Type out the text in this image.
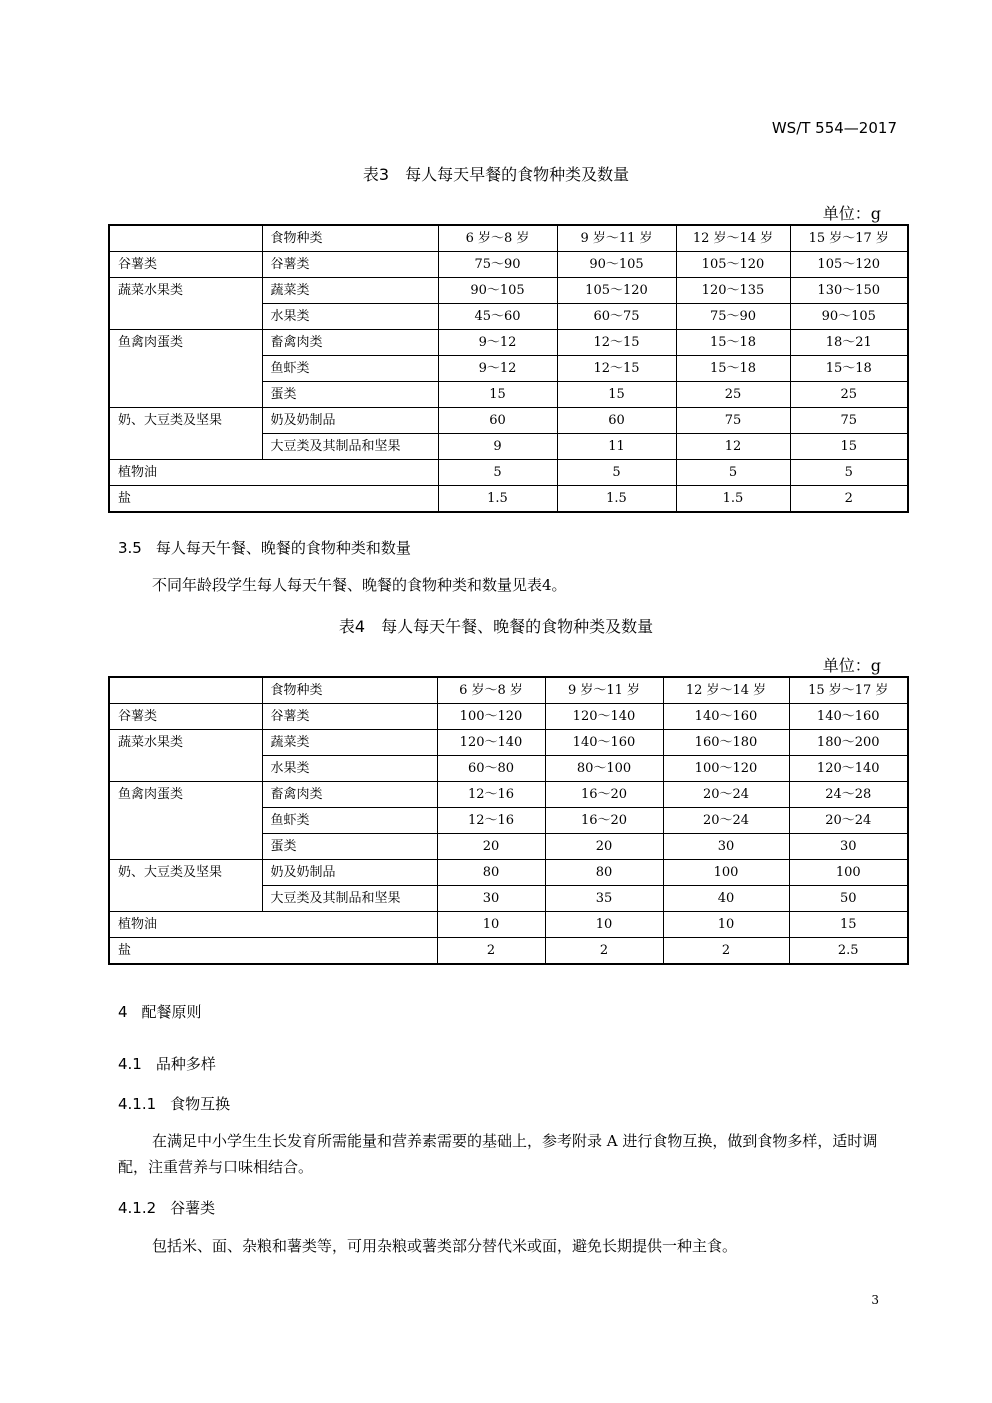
WS/T 554—2017
表3　每人每天早餐的食物种类及数量
单位：g
	食物种类	6 岁～8 岁	9 岁～11 岁	12 岁～14 岁	15 岁～17 岁
谷薯类	谷薯类	75～90	90～105	105～120	105～120
蔬菜水果类	蔬菜类	90～105	105～120	120～135	130～150
	水果类	45～60	60～75	75～90	90～105
鱼禽肉蛋类	畜禽肉类	9～12	12～15	15～18	18～21
	鱼虾类	9～12	12～15	15～18	15～18
	蛋类	15	15	25	25
奶、大豆类及坚果	奶及奶制品	60	60	75	75
	大豆类及其制品和坚果	9	11	12	15
植物油		5	5	5	5
盐		1.5	1.5	1.5	2
3.5 每人每天午餐、晚餐的食物种类和数量
不同年龄段学生每人每天午餐、晚餐的食物种类和数量见表4。
表4　每人每天午餐、晚餐的食物种类及数量
单位：g
	食物种类	6 岁～8 岁	9 岁～11 岁	12 岁～14 岁	15 岁～17 岁
谷薯类	谷薯类	100～120	120～140	140～160	140～160
蔬菜水果类	蔬菜类	120～140	140～160	160～180	180～200
	水果类	60～80	80～100	100～120	120～140
鱼禽肉蛋类	畜禽肉类	12～16	16～20	20～24	24～28
	鱼虾类	12～16	16～20	20～24	20～24
	蛋类	20	20	30	30
奶、大豆类及坚果	奶及奶制品	80	80	100	100
	大豆类及其制品和坚果	30	35	40	50
植物油		10	10	10	15
盐		2	2	2	2.5
4 配餐原则
4.1 品种多样
4.1.1 食物互换
在满足中小学生生长发育所需能量和营养素需要的基础上，参考附录 A 进行食物互换，做到食物多样，适时调配，注重营养与口味相结合。
4.1.2 谷薯类
包括米、面、杂粮和薯类等，可用杂粮或薯类部分替代米或面，避免长期提供一种主食。
3
